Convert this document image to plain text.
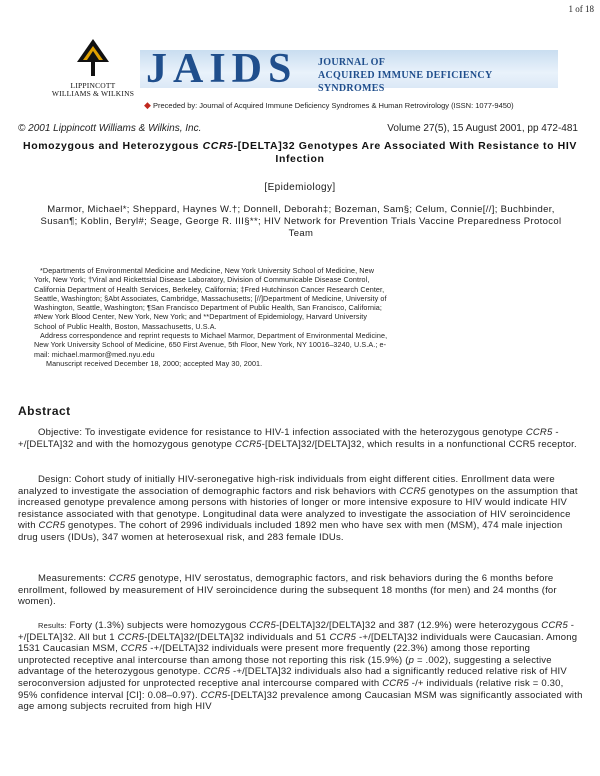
1 of 18
LIPPINCOTT
WILLIAMS & WILKINS
JAIDS JOURNAL OF
ACQUIRED IMMUNE DEFICIENCY SYNDROMES
◆ Preceded by: Journal of Acquired Immune Deficiency Syndromes & Human Retrovirology (ISSN: 1077-9450)
© 2001 Lippincott Williams & Wilkins, Inc.	Volume 27(5), 15 August 2001, pp 472-481
Homozygous and Heterozygous CCR5-[DELTA]32 Genotypes Are Associated With Resistance to HIV Infection
[Epidemiology]
Marmor, Michael*; Sheppard, Haynes W.†; Donnell, Deborah‡; Bozeman, Sam§; Celum, Connie[//]; Buchbinder, Susan¶; Koblin, Beryl#; Seage, George R. III§**; HIV Network for Prevention Trials Vaccine Preparedness Protocol Team

*Departments of Environmental Medicine and Medicine, New York University School of Medicine, New York, New York; †Viral and Rickettsial Disease Laboratory, Division of Communicable Disease Control, California Department of Health Services, Berkeley, California; ‡Fred Hutchinson Cancer Research Center, Seattle, Washington; §Abt Associates, Cambridge, Massachusetts; [//]Department of Medicine, University of Washington, Seattle, Washington; ¶San Francisco Department of Public Health, San Francisco, California; #New York Blood Center, New York, New York; and **Department of Epidemiology, Harvard University School of Public Health, Boston, Massachusetts, U.S.A.

Address correspondence and reprint requests to Michael Marmor, Department of Environmental Medicine, New York University School of Medicine, 650 First Avenue, 5th Floor, New York, NY 10016–3240, U.S.A.; e-mail: michael.marmor@med.nyu.edu

Manuscript received December 18, 2000; accepted May 30, 2001.

Abstract
Objective: To investigate evidence for resistance to HIV-1 infection associated with the heterozygous genotype CCR5 -+/[DELTA]32 and with the homozygous genotype CCR5-[DELTA]32/[DELTA]32, which results in a nonfunctional CCR5 receptor.
Design: Cohort study of initially HIV-seronegative high-risk individuals from eight different cities. Enrollment data were analyzed to investigate the association of demographic factors and risk behaviors with CCR5 genotypes on the assumption that increased genotype prevalence among persons with histories of longer or more intensive exposure to HIV would indicate HIV resistance associated with that genotype. Longitudinal data were analyzed to investigate the association of HIV seroincidence with CCR5 genotypes. The cohort of 2996 individuals included 1892 men who have sex with men (MSM), 474 male injection drug users (IDUs), 347 women at heterosexual risk, and 283 female IDUs.
Measurements: CCR5 genotype, HIV serostatus, demographic factors, and risk behaviors during the 6 months before enrollment, followed by measurement of HIV seroincidence during the subsequent 18 months (for men) and 24 months (for women).
Results: Forty (1.3%) subjects were homozygous CCR5-[DELTA]32/[DELTA]32 and 387 (12.9%) were heterozygous CCR5 -+/[DELTA]32. All but 1 CCR5-[DELTA]32/[DELTA]32 individuals and 51 CCR5 -+/[DELTA]32 individuals were Caucasian. Among 1531 Caucasian MSM, CCR5 -+/[DELTA]32 individuals were present more frequently (22.3%) among those reporting unprotected receptive anal intercourse than among those not reporting this risk (15.9%) (p = .002), suggesting a selective advantage of the heterozygous genotype. CCR5 -+/[DELTA]32 individuals also had a significantly reduced relative risk of HIV seroconversion adjusted for unprotected receptive anal intercourse compared with CCR5 -/+ individuals (relative risk = 0.30, 95% confidence interval [CI]: 0.08–0.97). CCR5-[DELTA]32 prevalence among Caucasian MSM was significantly associated with age among subjects recruited from high HIV
